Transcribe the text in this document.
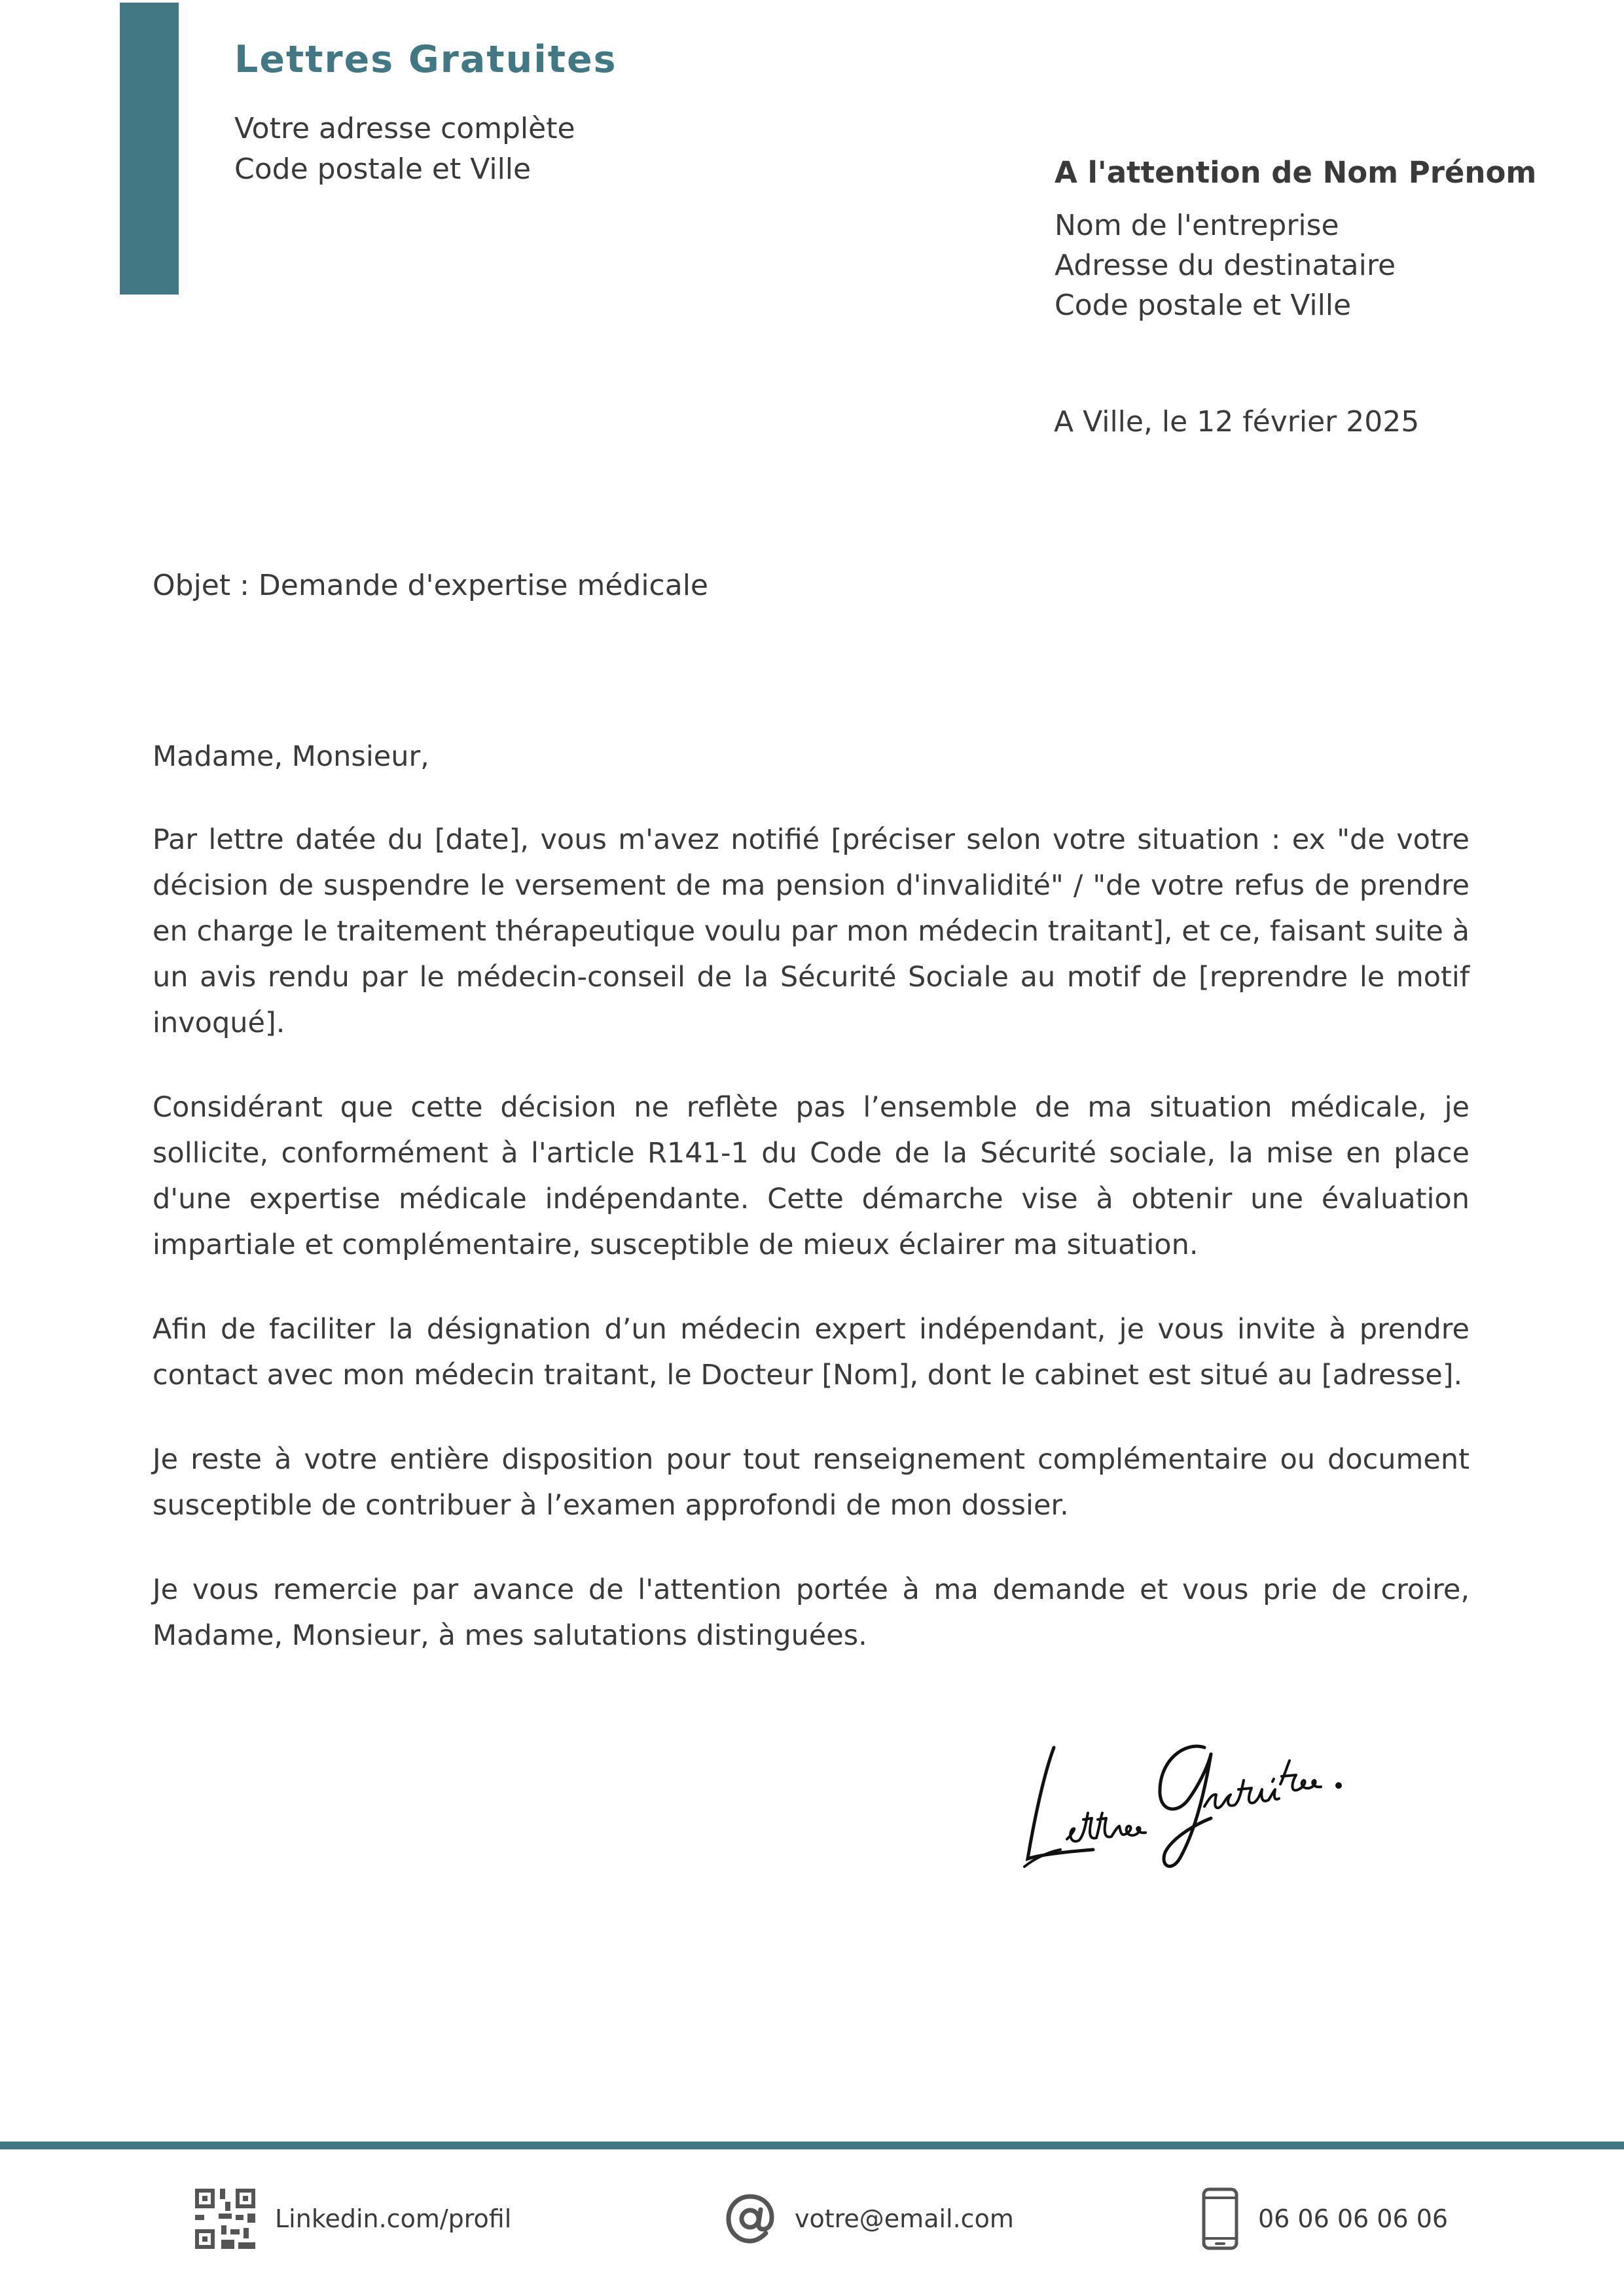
Lettres Gratuites
Votre adresse complète
Code postale et Ville	A l'attention de Nom Prénom
Nom de l'entreprise
Adresse du destinataire
Code postale et Ville
A Ville, le 12 février 2025
Objet : Demande d'expertise médicale

Madame, Monsieur,

Par lettre datée du [date], vous m'avez notifié [préciser selon votre situation : ex "de votre décision de suspendre le versement de ma pension d'invalidité" / "de votre refus de prendre en charge le traitement thérapeutique voulu par mon médecin traitant], et ce, faisant suite à un avis rendu par le médecin-conseil de la Sécurité Sociale au motif de [reprendre le motif invoqué].

Considérant que cette décision ne reflète pas l’ensemble de ma situation médicale, je sollicite, conformément à l'article R141-1 du Code de la Sécurité sociale, la mise en place d'une expertise médicale indépendante. Cette démarche vise à obtenir une évaluation impartiale et complémentaire, susceptible de mieux éclairer ma situation.

Afin de faciliter la désignation d’un médecin expert indépendant, je vous invite à prendre contact avec mon médecin traitant, le Docteur [Nom], dont le cabinet est situé au [adresse].

Je reste à votre entière disposition pour tout renseignement complémentaire ou document susceptible de contribuer à l’examen approfondi de mon dossier.

Je vous remercie par avance de l'attention portée à ma demande et vous prie de croire, Madame, Monsieur, à mes salutations distinguées.

Linkedin.com/profil	votre@email.com	06 06 06 06 06
